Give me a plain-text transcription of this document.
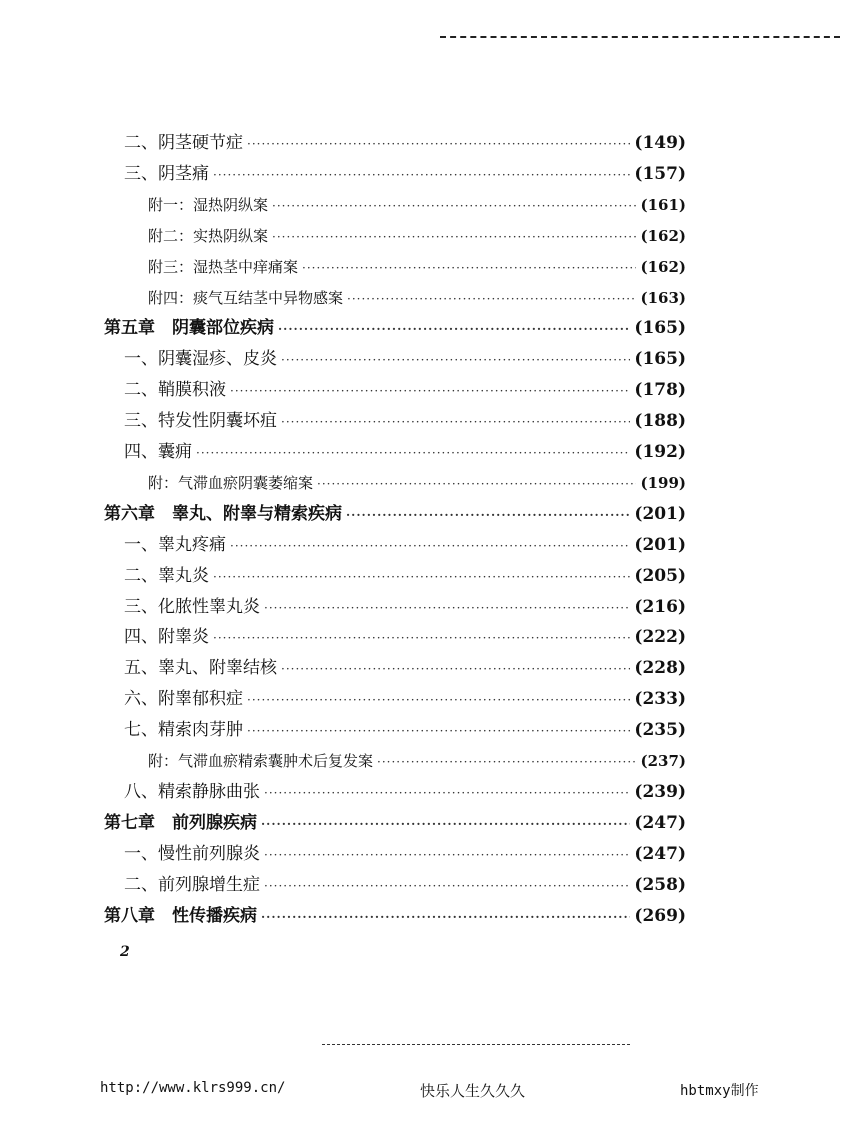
二、阴茎硬节症 ·····	(149)
三、阴茎痛 ·····	(157)
附一：湿热阴纵案 ·····	(161)
附二：实热阴纵案 ·····	(162)
附三：湿热茎中痒痛案 ·····	(162)
附四：痰气互结茎中异物感案 ·····	(163)
第五章　阴囊部位疾病 ·····	(165)
一、阴囊湿疹、皮炎 ·····	(165)
二、鞘膜积液 ·····	(178)
三、特发性阴囊坏疽 ·····	(188)
四、囊痈 ·····	(192)
附：气滞血瘀阴囊萎缩案 ·····	(199)
第六章　睾丸、附睾与精索疾病 ·····	(201)
一、睾丸疼痛 ·····	(201)
二、睾丸炎 ·····	(205)
三、化脓性睾丸炎 ·····	(216)
四、附睾炎 ·····	(222)
五、睾丸、附睾结核 ·····	(228)
六、附睾郁积症 ·····	(233)
七、精索肉芽肿 ·····	(235)
附：气滞血瘀精索囊肿术后复发案 ·····	(237)
八、精索静脉曲张 ·····	(239)
第七章　前列腺疾病 ·····	(247)
一、慢性前列腺炎 ·····	(247)
二、前列腺增生症 ·····	(258)
第八章　性传播疾病 ·····	(269)
2
http://www.klrs999.cn/	快乐人生久久久	hbtmxy制作
